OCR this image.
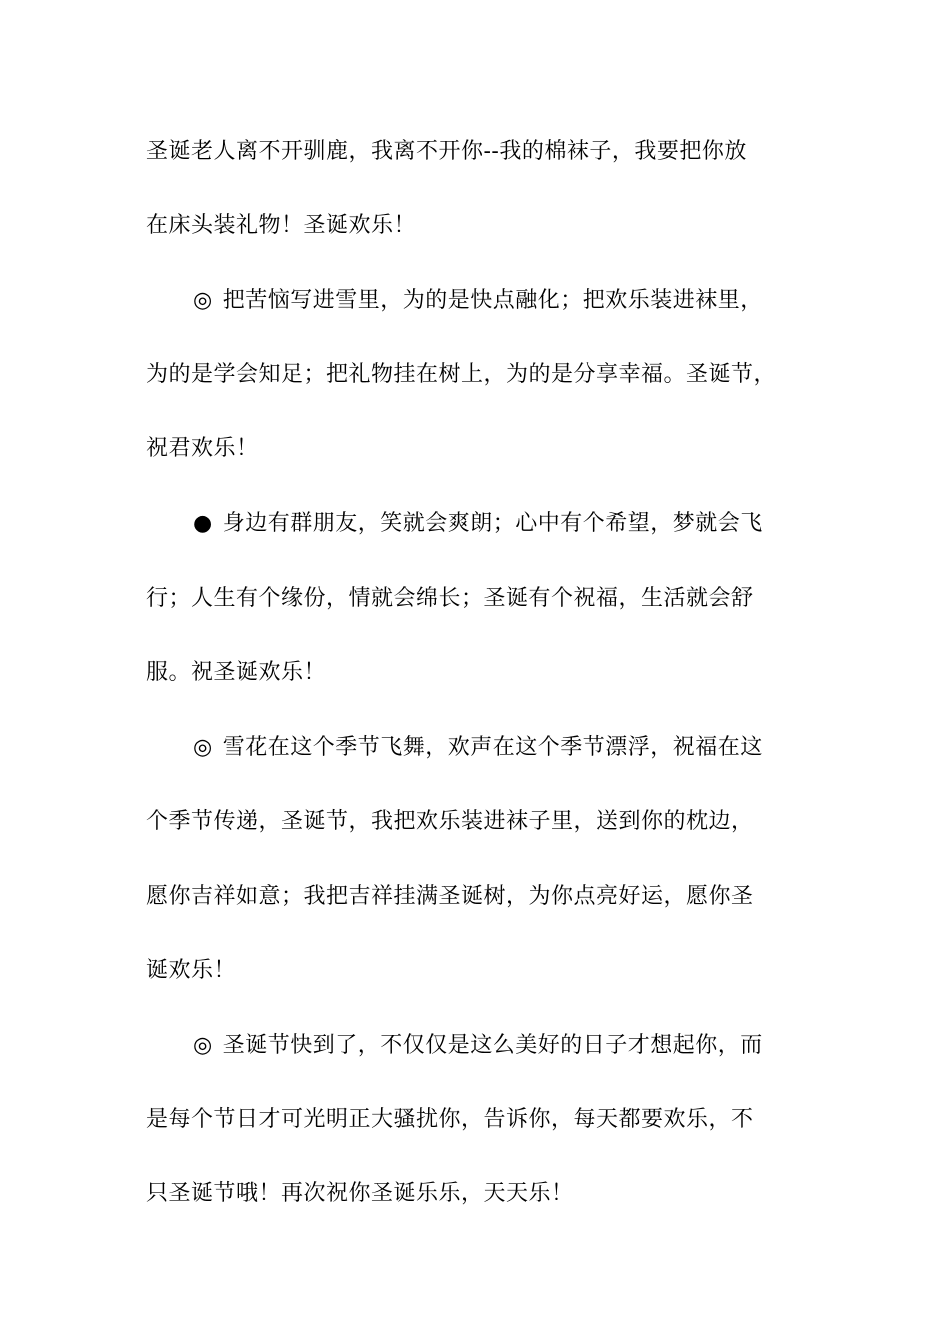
圣诞老人离不开驯鹿，我离不开你--我的棉袜子，我要把你放
在床头装礼物！圣诞欢乐！
◎ 把苦恼写进雪里，为的是快点融化；把欢乐装进袜里，
为的是学会知足；把礼物挂在树上，为的是分享幸福。圣诞节，
祝君欢乐！
● 身边有群朋友，笑就会爽朗；心中有个希望，梦就会飞
行；人生有个缘份，情就会绵长；圣诞有个祝福，生活就会舒
服。祝圣诞欢乐！
◎ 雪花在这个季节飞舞，欢声在这个季节漂浮，祝福在这
个季节传递，圣诞节，我把欢乐装进袜子里，送到你的枕边，
愿你吉祥如意；我把吉祥挂满圣诞树，为你点亮好运，愿你圣
诞欢乐！
◎ 圣诞节快到了，不仅仅是这么美好的日子才想起你，而
是每个节日才可光明正大骚扰你，告诉你，每天都要欢乐，不
只圣诞节哦！再次祝你圣诞乐乐，天天乐！
